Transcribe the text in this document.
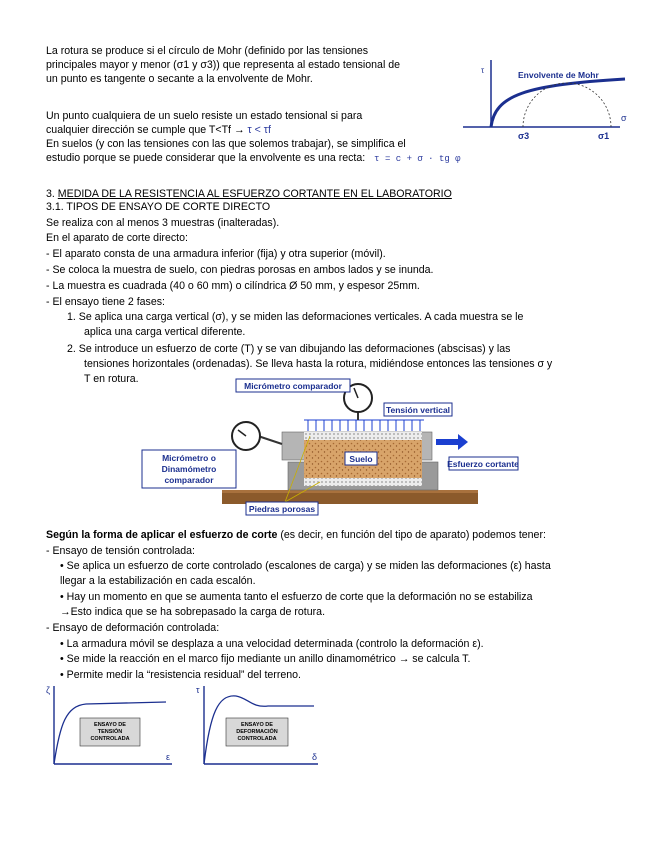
La rotura se produce si el círculo de Mohr (definido por las tensiones
principales mayor y menor (σ1 y σ3)) que representa al estado tensional de
un punto es tangente o secante a la envolvente de Mohr.
Un punto cualquiera de un suelo resiste un estado tensional si para
cualquier dirección se cumple que T<Tf → τ < τf
En suelos (y con las tensiones con las que solemos trabajar), se simplifica el
estudio porque se puede considerar que la envolvente es una recta: τ = c + σ · tg φ
Envolvente de Mohr
τ
σ
σ3	σ1
3. MEDIDA DE LA RESISTENCIA AL ESFUERZO CORTANTE EN EL LABORATORIO
3.1. TIPOS DE ENSAYO DE CORTE DIRECTO
Se realiza con al menos 3 muestras (inalteradas).
En el aparato de corte directo:
- El aparato consta de una armadura inferior (fija) y otra superior (móvil).
- Se coloca la muestra de suelo, con piedras porosas en ambos lados y se inunda.
- La muestra es cuadrada (40 o 60 mm) o cilíndrica Ø 50 mm, y espesor 25mm.
- El ensayo tiene 2 fases:
1. Se aplica una carga vertical (σ), y se miden las deformaciones verticales. A cada muestra se le
aplica una carga vertical diferente.
2. Se introduce un esfuerzo de corte (T) y se van dibujando las deformaciones (abscisas) y las
tensiones horizontales (ordenadas). Se lleva hasta la rotura, midiéndose entonces las tensiones σ y
T en rotura.
Micrómetro comparador
Tensión vertical
Micrómetro o
Dinamómetro
comparador
Suelo	Esfuerzo cortante
Piedras porosas
Según la forma de aplicar el esfuerzo de corte (es decir, en función del tipo de aparato) podemos tener:
- Ensayo de tensión controlada:
• Se aplica un esfuerzo de corte controlado (escalones de carga) y se miden las deformaciones (ε) hasta
llegar a la estabilización en cada escalón.
• Hay un momento en que se aumenta tanto el esfuerzo de corte que la deformación no se estabiliza
→Esto indica que se ha sobrepasado la carga de rotura.
- Ensayo de deformación controlada:
• La armadura móvil se desplaza a una velocidad determinada (controlo la deformación ε).
• Se mide la reacción en el marco fijo mediante un anillo dinamométrico → se calcula T.
• Permite medir la “resistencia residual” del terreno.
ζ
ε
ENSAYO DE
TENSIÓN
CONTROLADA
τ
δ
ENSAYO DE
DEFORMACIÓN
CONTROLADA
